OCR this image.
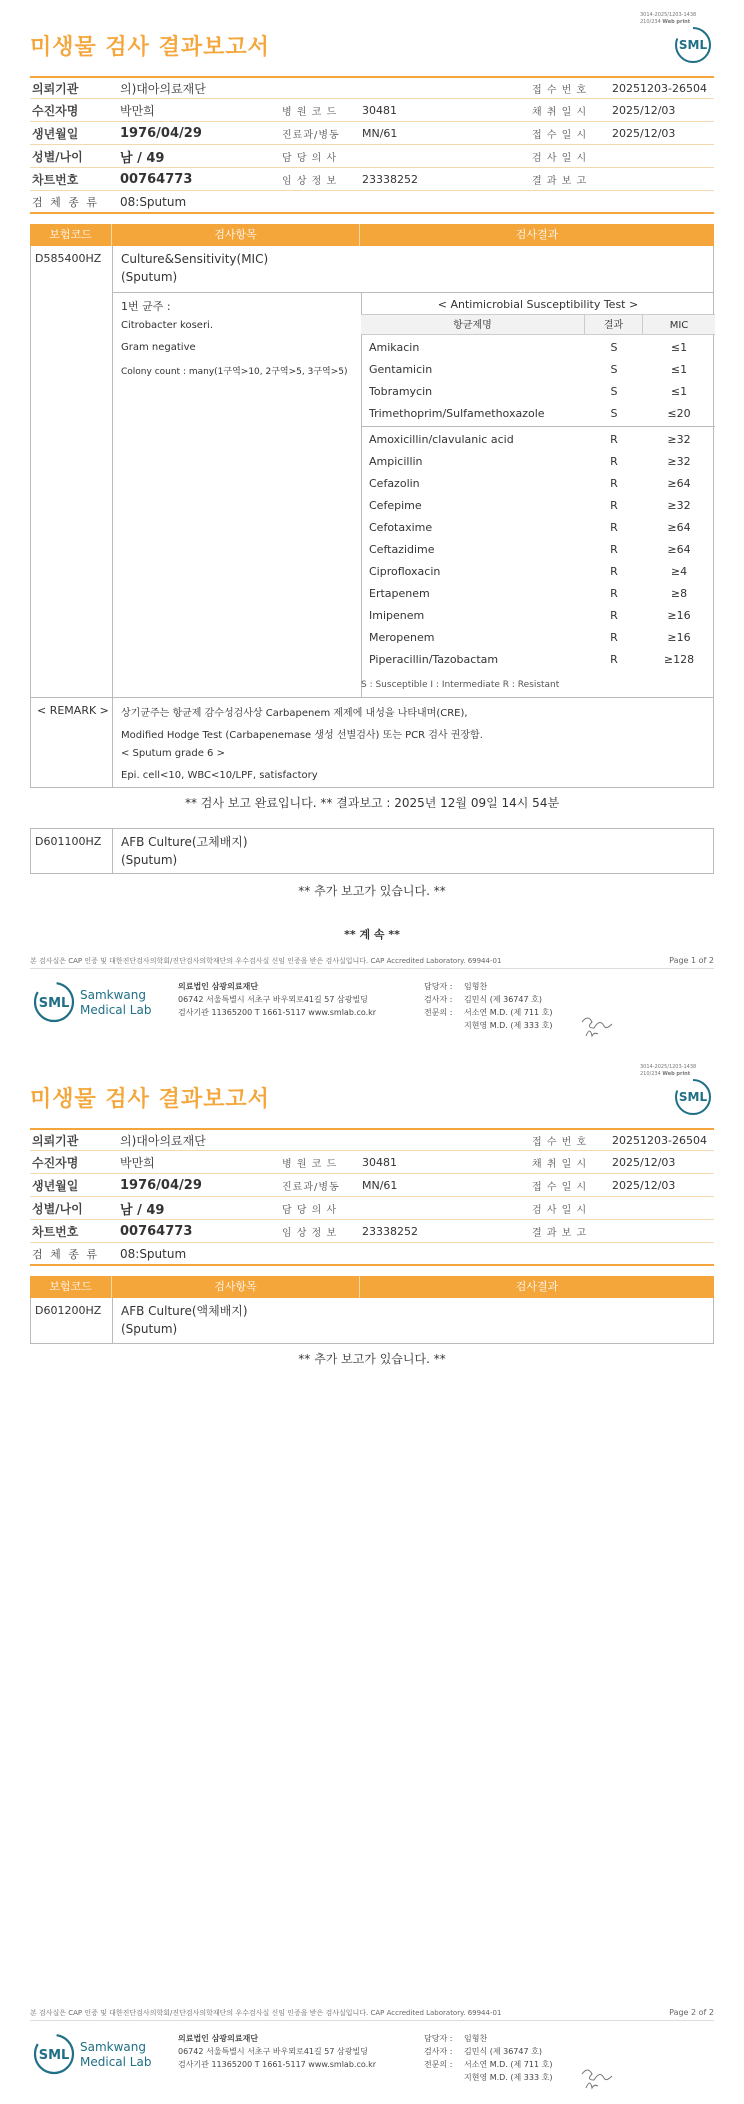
3014-2025/1203-1438
210/234 Web print
SML
미생물 검사 결과보고서
의뢰기관	의)대아의료재단	접 수 번 호	20251203-26504
수진자명	박만희	병 원 코 드	30481	채 취 일 시	2025/12/03
생년월일	1976/04/29	진료과/병동	MN/61	접 수 일 시	2025/12/03
성별/나이	남 / 49	담 당 의 사	검 사 일 시
차트번호	00764773	임 상 정 보	23338252	결 과 보 고
검 체 종 류	08:Sputum
보험코드	검사항목	검사결과
D585400HZ Culture&Sensitivity(MIC)
(Sputum)
1번 균주 :
Citrobacter koseri.
Gram negative
Colony count : many(1구역>10, 2구역>5, 3구역>5)
< Antimicrobial Susceptibility Test >
항균제명	결과	MIC
Amikacin	S	≤1
Gentamicin	S	≤1
Tobramycin	S	≤1
Trimethoprim/Sulfamethoxazole	S	≤20
Amoxicillin/clavulanic acid	R	≥32
Ampicillin	R	≥32
Cefazolin	R	≥64
Cefepime	R	≥32
Cefotaxime	R	≥64
Ceftazidime	R	≥64
Ciprofloxacin	R	≥4
Ertapenem	R	≥8
Imipenem	R	≥16
Meropenem	R	≥16
Piperacillin/Tazobactam	R	≥128
S : Susceptible I : Intermediate R : Resistant
< REMARK > 상기균주는 항균제 감수성검사상 Carbapenem 제제에 내성을 나타내며(CRE),
Modified Hodge Test (Carbapenemase 생성 선별검사) 또는 PCR 검사 권장함.
< Sputum grade 6 >
Epi. cell<10, WBC<10/LPF, satisfactory
** 검사 보고 완료입니다. ** 결과보고 : 2025년 12월 09일 14시 54분
D601100HZ AFB Culture(고체배지)
(Sputum)
** 추가 보고가 있습니다. **
** 계 속 **
본 검사실은 CAP 인증 및 대한진단검사의학회/진단검사의학재단의 우수검사실 신임 인증을 받은 검사실입니다. CAP Accredited Laboratory. 69944-01	Page 1 of 2
SML
Samkwang
Medical Lab
의료법인 삼광의료재단
06742 서울특별시 서초구 바우뫼로41길 57 삼광빌딩
검사기관 11365200 T 1661-5117 www.smlab.co.kr
담당자 : 임형찬
검사자 : 김민식 (제 36747 호)
전문의 : 서소연 M.D. (제 711 호)
지현영 M.D. (제 333 호)
3014-2025/1203-1438
210/234 Web print
SML
미생물 검사 결과보고서
의뢰기관	의)대아의료재단	접 수 번 호	20251203-26504
수진자명	박만희	병 원 코 드	30481	채 취 일 시	2025/12/03
생년월일	1976/04/29	진료과/병동	MN/61	접 수 일 시	2025/12/03
성별/나이	남 / 49	담 당 의 사	검 사 일 시
차트번호	00764773	임 상 정 보	23338252	결 과 보 고
검 체 종 류	08:Sputum
보험코드	검사항목	검사결과
D601200HZ AFB Culture(액체배지)
(Sputum)
** 추가 보고가 있습니다. **
본 검사실은 CAP 인증 및 대한진단검사의학회/진단검사의학재단의 우수검사실 신임 인증을 받은 검사실입니다. CAP Accredited Laboratory. 69944-01	Page 2 of 2
SML
Samkwang
Medical Lab
의료법인 삼광의료재단
06742 서울특별시 서초구 바우뫼로41길 57 삼광빌딩
검사기관 11365200 T 1661-5117 www.smlab.co.kr
담당자 : 임형찬
검사자 : 김민식 (제 36747 호)
전문의 : 서소연 M.D. (제 711 호)
지현영 M.D. (제 333 호)
